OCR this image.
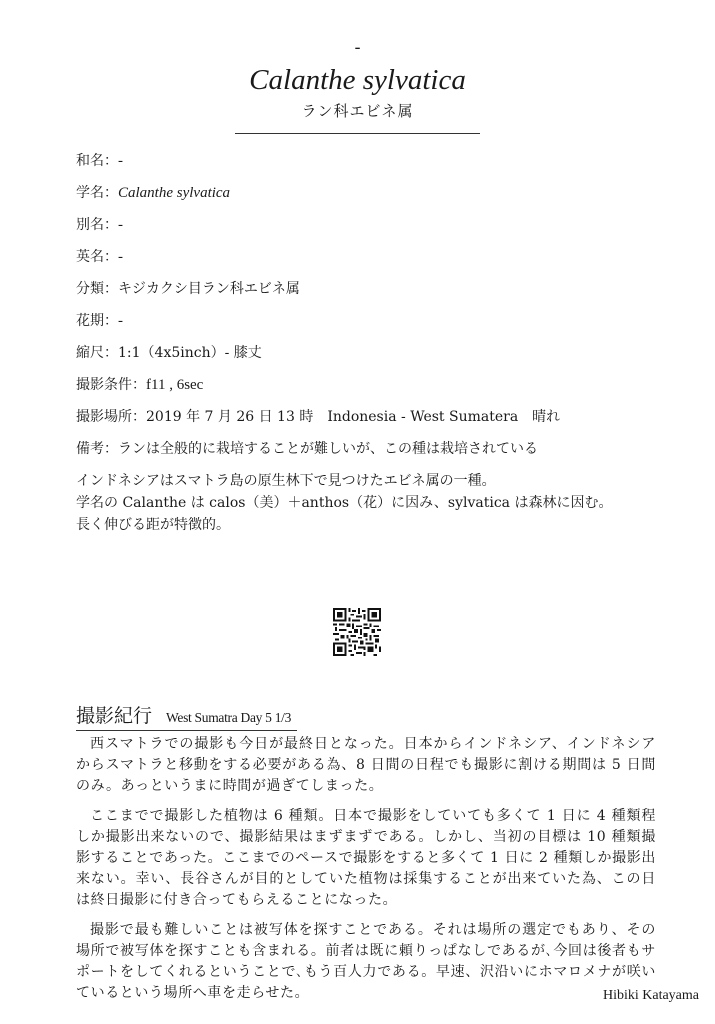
-
Calanthe sylvatica
ラン科エビネ属
和名：-
学名：Calanthe sylvatica
別名：-
英名：-
分類：キジカクシ目ラン科エビネ属
花期：-
縮尺：1:1（4x5inch）- 膝丈
撮影条件：f11 , 6sec
撮影場所：2019 年 7 月 26 日 13 時　Indonesia - West Sumatera　晴れ
備考：ランは全般的に栽培することが難しいが、この種は栽培されている

インドネシアはスマトラ島の原生林下で見つけたエビネ属の一種。

学名の Calanthe は calos（美）＋anthos（花）に因み、sylvatica は森林に因む。

長く伸びる距が特徴的。

撮影紀行 West Sumatra Day 5 1/3

西スマトラでの撮影も今日が最終日となった。日本からインドネシア、インドネシアからスマトラと移動をする必要がある為、8 日間の日程でも撮影に割ける期間は 5 日間のみ。あっというまに時間が過ぎてしまった。

ここまでで撮影した植物は 6 種類。日本で撮影をしていても多くて 1 日に 4 種類程しか撮影出来ないので、撮影結果はまずまずである。しかし、当初の目標は 10 種類撮影することであった。ここまでのペースで撮影をすると多くて 1 日に 2 種類しか撮影出来ない。幸い、長谷さんが目的としていた植物は採集することが出来ていた為、この日は終日撮影に付き合ってもらえることになった。

撮影で最も難しいことは被写体を探すことである。それは場所の選定でもあり、その場所で被写体を探すことも含まれる。前者は既に頼りっぱなしであるが､今回は後者もサポートをしてくれるということで､もう百人力である。早速、沢沿いにホマロメナが咲いているという場所へ車を走らせた。	Hibiki Katayama
